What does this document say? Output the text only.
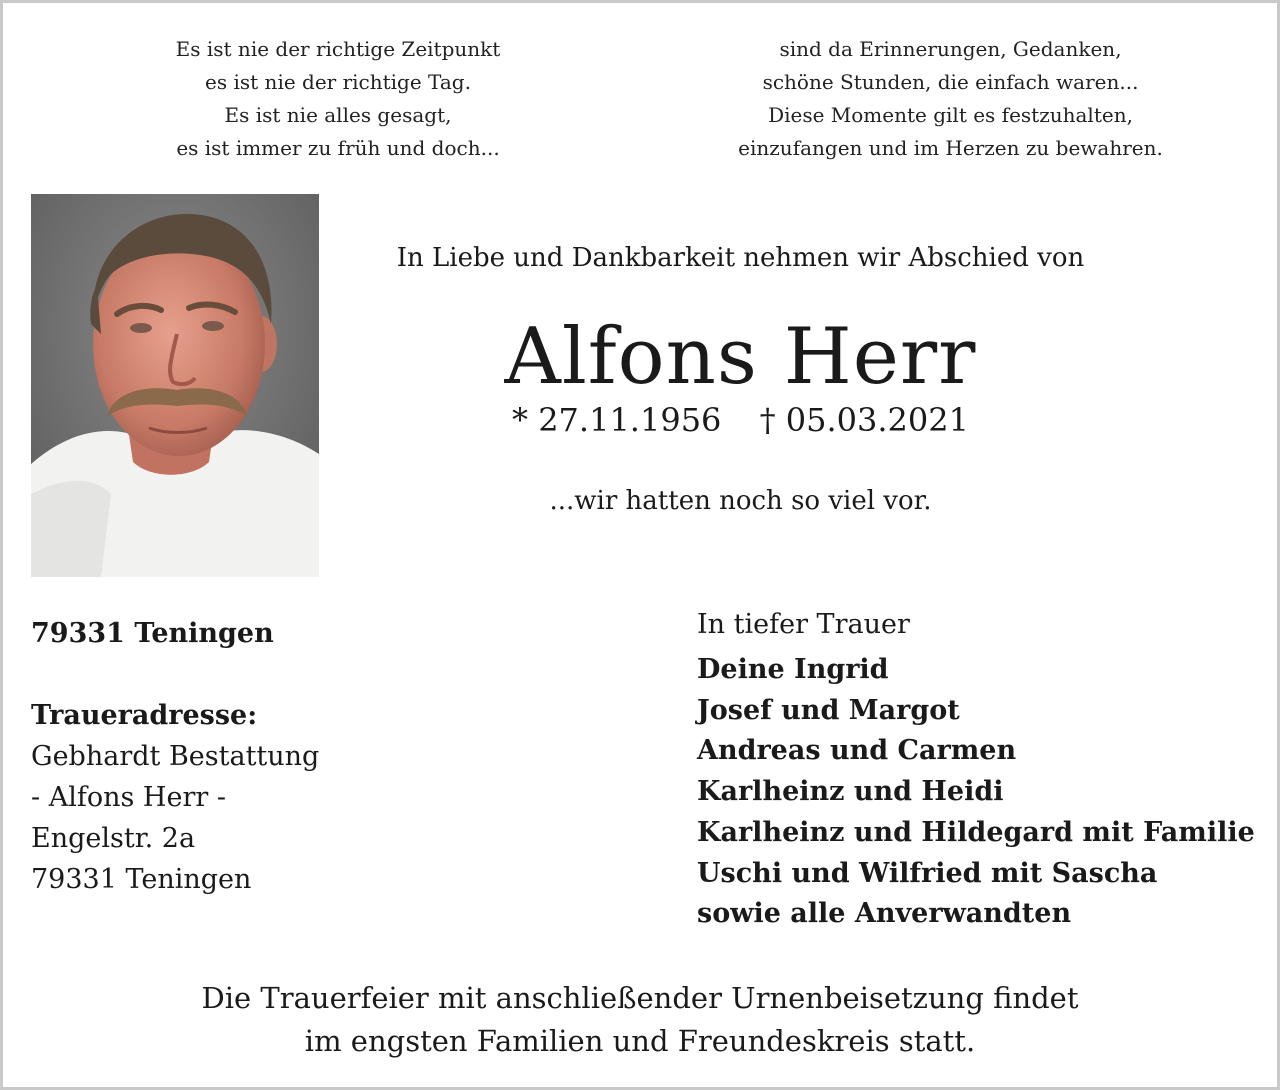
Es ist nie der richtige Zeitpunkt
es ist nie der richtige Tag.
Es ist nie alles gesagt,
es ist immer zu früh und doch...
sind da Erinnerungen, Gedanken,
schöne Stunden, die einfach waren...
Diese Momente gilt es festzuhalten,
einzufangen und im Herzen zu bewahren.
In Liebe und Dankbarkeit nehmen wir Abschied von
Alfons Herr
* 27.11.1956 † 05.03.2021
...wir hatten noch so viel vor.
79331 Teningen
Traueradresse:
Gebhardt Bestattung
- Alfons Herr -
Engelstr. 2a
79331 Teningen
In tiefer Trauer
Deine Ingrid
Josef und Margot
Andreas und Carmen
Karlheinz und Heidi
Karlheinz und Hildegard mit Familie
Uschi und Wilfried mit Sascha
sowie alle Anverwandten
Die Trauerfeier mit anschließender Urnenbeisetzung findet
im engsten Familien und Freundeskreis statt.
